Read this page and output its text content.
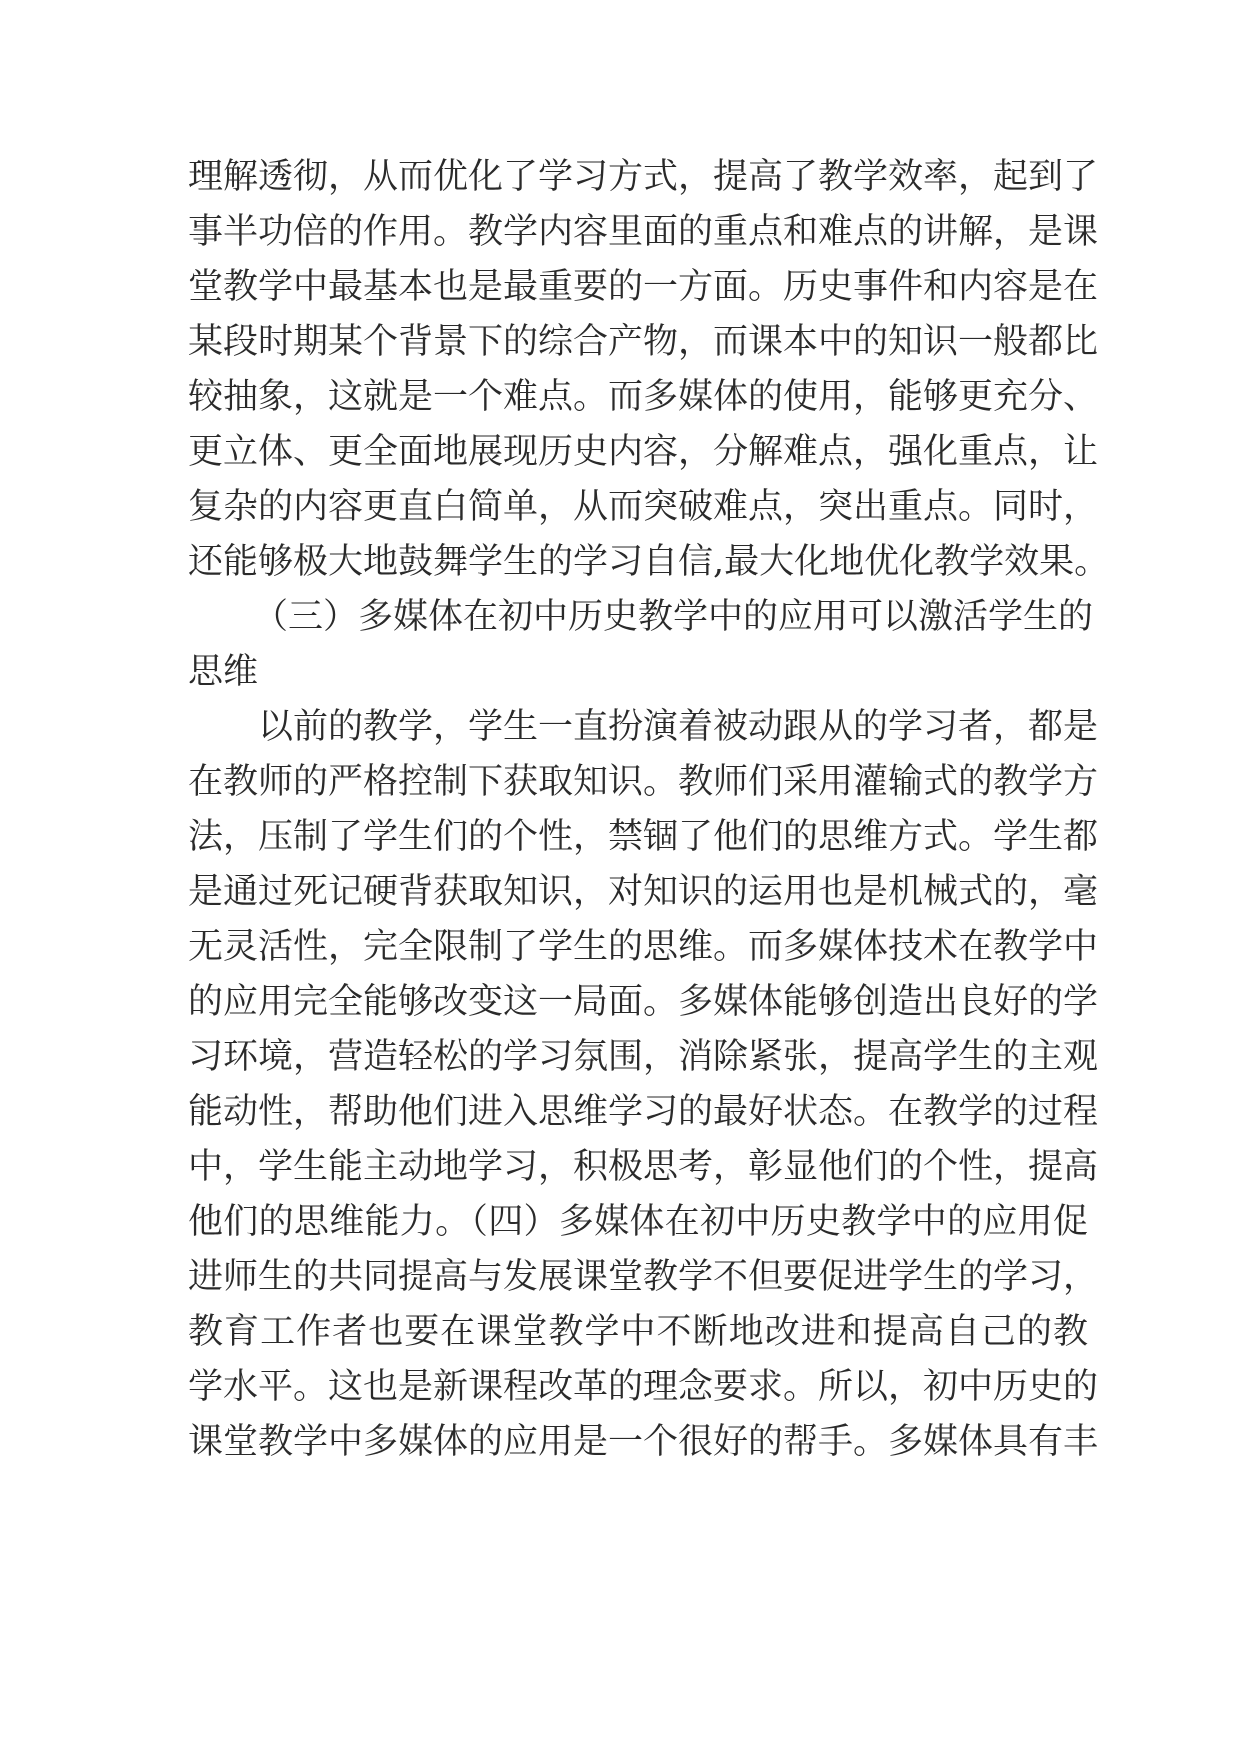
理解透彻，从而优化了学习方式，提高了教学效率，起到了
事半功倍的作用。教学内容里面的重点和难点的讲解，是课
堂教学中最基本也是最重要的一方面。历史事件和内容是在
某段时期某个背景下的综合产物，而课本中的知识一般都比
较抽象，这就是一个难点。而多媒体的使用，能够更充分、
更立体、更全面地展现历史内容，分解难点，强化重点，让
复杂的内容更直白简单，从而突破难点，突出重点。同时，
还能够极大地鼓舞学生的学习自信,最大化地优化教学效果。
（三）多媒体在初中历史教学中的应用可以激活学生的
思维
以前的教学，学生一直扮演着被动跟从的学习者，都是
在教师的严格控制下获取知识。教师们采用灌输式的教学方
法，压制了学生们的个性，禁锢了他们的思维方式。学生都
是通过死记硬背获取知识，对知识的运用也是机械式的，毫
无灵活性，完全限制了学生的思维。而多媒体技术在教学中
的应用完全能够改变这一局面。多媒体能够创造出良好的学
习环境，营造轻松的学习氛围，消除紧张，提高学生的主观
能动性，帮助他们进入思维学习的最好状态。在教学的过程
中，学生能主动地学习，积极思考，彰显他们的个性，提高
他们的思维能力。（四）多媒体在初中历史教学中的应用促
进师生的共同提高与发展课堂教学不但要促进学生的学习，
教育工作者也要在课堂教学中不断地改进和提高自己的教
学水平。这也是新课程改革的理念要求。所以，初中历史的
课堂教学中多媒体的应用是一个很好的帮手。多媒体具有丰
